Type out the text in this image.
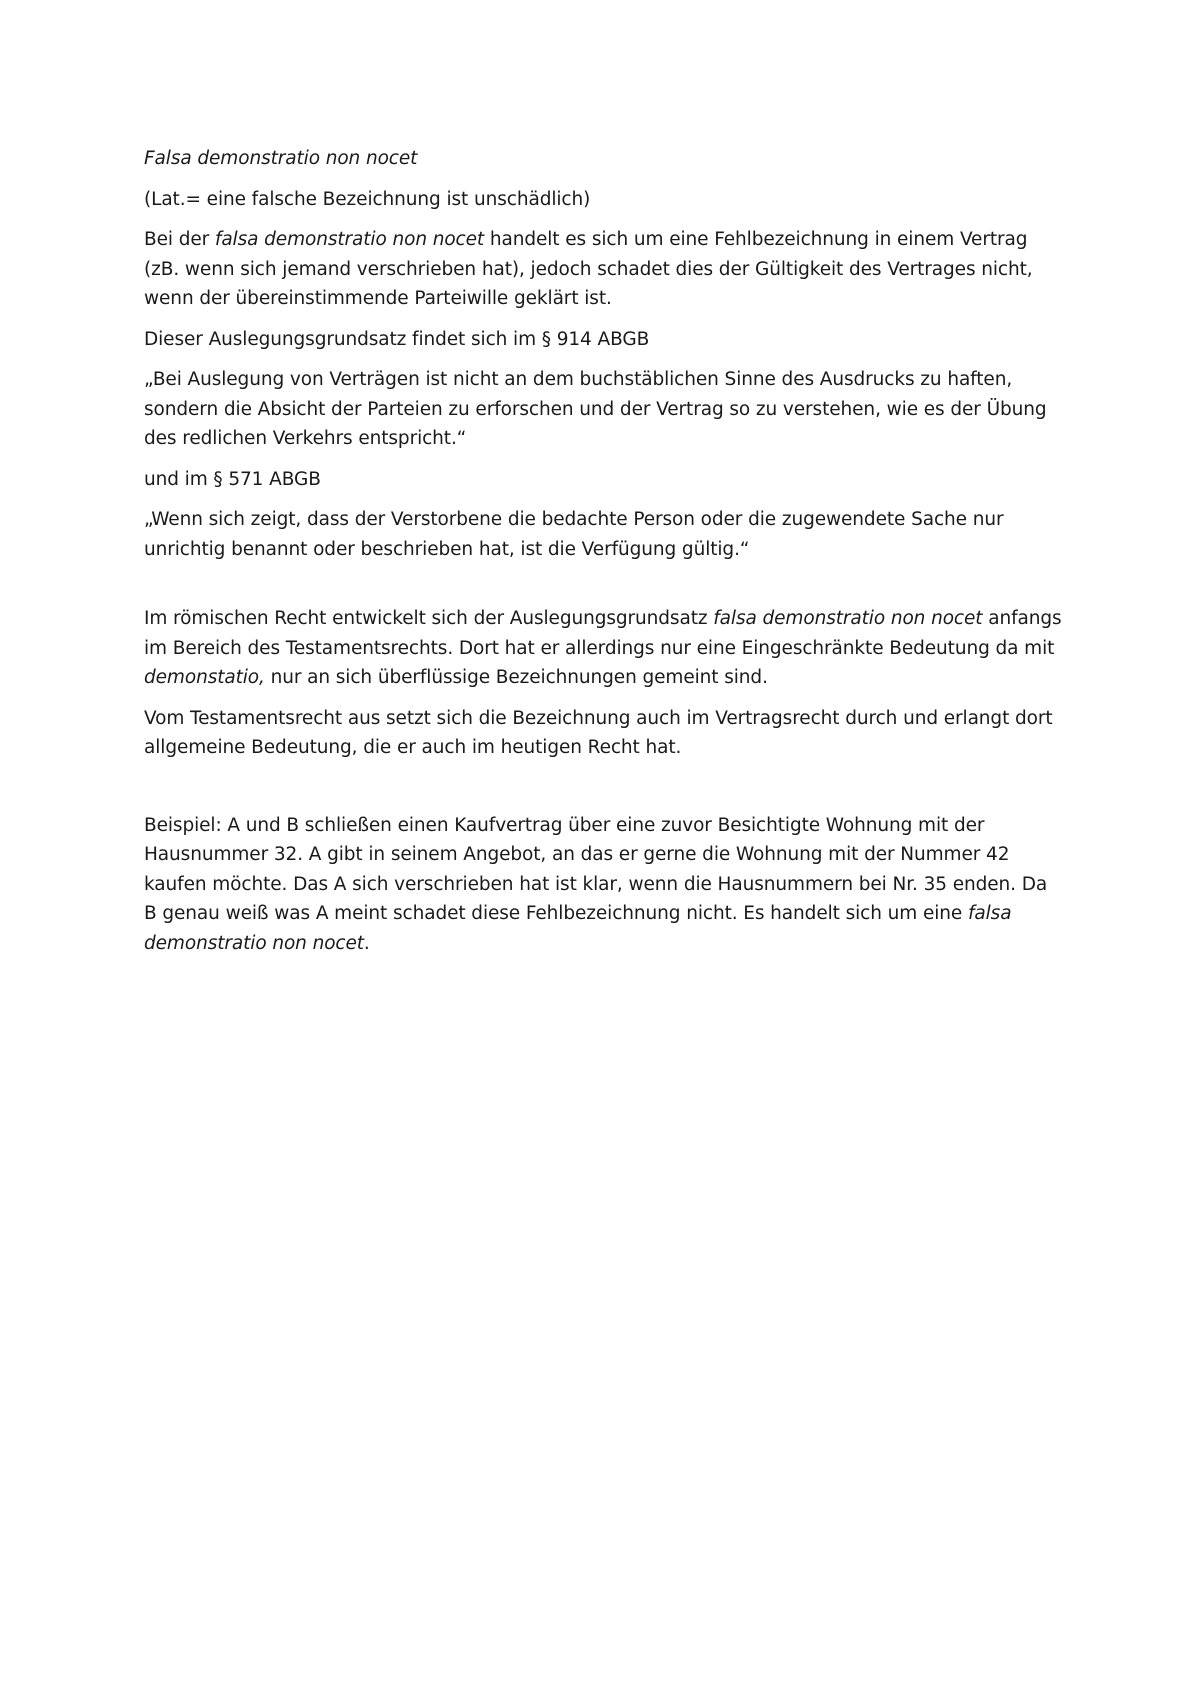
Falsa demonstratio non nocet

(Lat.= eine falsche Bezeichnung ist unschädlich)

Bei der falsa demonstratio non nocet handelt es sich um eine Fehlbezeichnung in einem Vertrag (zB. wenn sich jemand verschrieben hat), jedoch schadet dies der Gültigkeit des Vertrages nicht, wenn der übereinstimmende Parteiwille geklärt ist.

Dieser Auslegungsgrundsatz findet sich im § 914 ABGB

„Bei Auslegung von Verträgen ist nicht an dem buchstäblichen Sinne des Ausdrucks zu haften, sondern die Absicht der Parteien zu erforschen und der Vertrag so zu verstehen, wie es der Übung des redlichen Verkehrs entspricht.“

und im § 571 ABGB

„Wenn sich zeigt, dass der Verstorbene die bedachte Person oder die zugewendete Sache nur unrichtig benannt oder beschrieben hat, ist die Verfügung gültig.“

Im römischen Recht entwickelt sich der Auslegungsgrundsatz falsa demonstratio non nocet anfangs im Bereich des Testamentsrechts. Dort hat er allerdings nur eine Eingeschränkte Bedeutung da mit demonstatio, nur an sich überflüssige Bezeichnungen gemeint sind.

Vom Testamentsrecht aus setzt sich die Bezeichnung auch im Vertragsrecht durch und erlangt dort allgemeine Bedeutung, die er auch im heutigen Recht hat.

Beispiel: A und B schließen einen Kaufvertrag über eine zuvor Besichtigte Wohnung mit der Hausnummer 32. A gibt in seinem Angebot, an das er gerne die Wohnung mit der Nummer 42 kaufen möchte. Das A sich verschrieben hat ist klar, wenn die Hausnummern bei Nr. 35 enden. Da B genau weiß was A meint schadet diese Fehlbezeichnung nicht. Es handelt sich um eine falsa demonstratio non nocet.
